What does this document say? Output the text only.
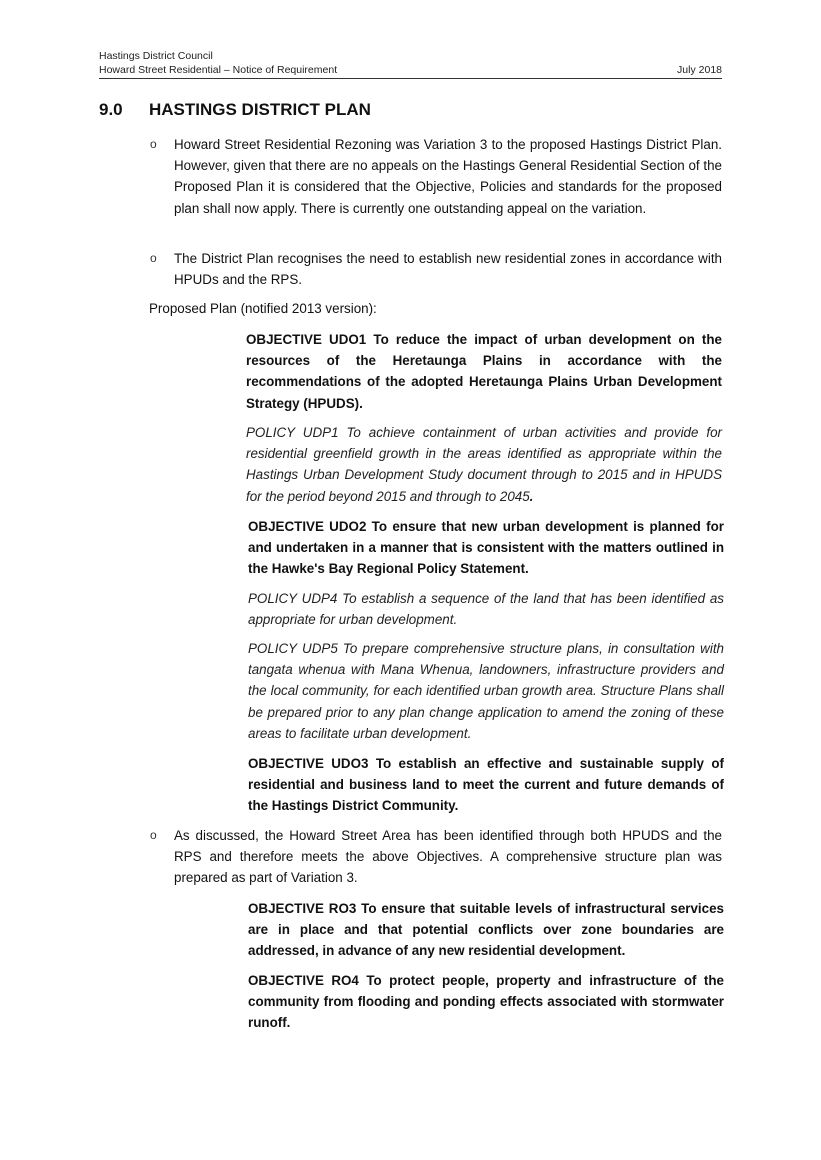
Hastings District Council
Howard Street Residential – Notice of Requirement	July 2018
9.0 HASTINGS DISTRICT PLAN
o Howard Street Residential Rezoning was Variation 3 to the proposed Hastings District Plan. However, given that there are no appeals on the Hastings General Residential Section of the Proposed Plan it is considered that the Objective, Policies and standards for the proposed plan shall now apply. There is currently one outstanding appeal on the variation.

o The District Plan recognises the need to establish new residential zones in accordance with HPUDs and the RPS.

Proposed Plan (notified 2013 version):

OBJECTIVE UDO1 To reduce the impact of urban development on the resources of the Heretaunga Plains in accordance with the recommendations of the adopted Heretaunga Plains Urban Development Strategy (HPUDS).

POLICY UDP1 To achieve containment of urban activities and provide for residential greenfield growth in the areas identified as appropriate within the Hastings Urban Development Study document through to 2015 and in HPUDS for the period beyond 2015 and through to 2045.

OBJECTIVE UDO2 To ensure that new urban development is planned for and undertaken in a manner that is consistent with the matters outlined in the Hawke's Bay Regional Policy Statement.

POLICY UDP4 To establish a sequence of the land that has been identified as appropriate for urban development.

POLICY UDP5 To prepare comprehensive structure plans, in consultation with tangata whenua with Mana Whenua, landowners, infrastructure providers and the local community, for each identified urban growth area. Structure Plans shall be prepared prior to any plan change application to amend the zoning of these areas to facilitate urban development.

OBJECTIVE UDO3 To establish an effective and sustainable supply of residential and business land to meet the current and future demands of the Hastings District Community.

o As discussed, the Howard Street Area has been identified through both HPUDS and the RPS and therefore meets the above Objectives. A comprehensive structure plan was prepared as part of Variation 3.

OBJECTIVE RO3 To ensure that suitable levels of infrastructural services are in place and that potential conflicts over zone boundaries are addressed, in advance of any new residential development.

OBJECTIVE RO4 To protect people, property and infrastructure of the community from flooding and ponding effects associated with stormwater runoff.
